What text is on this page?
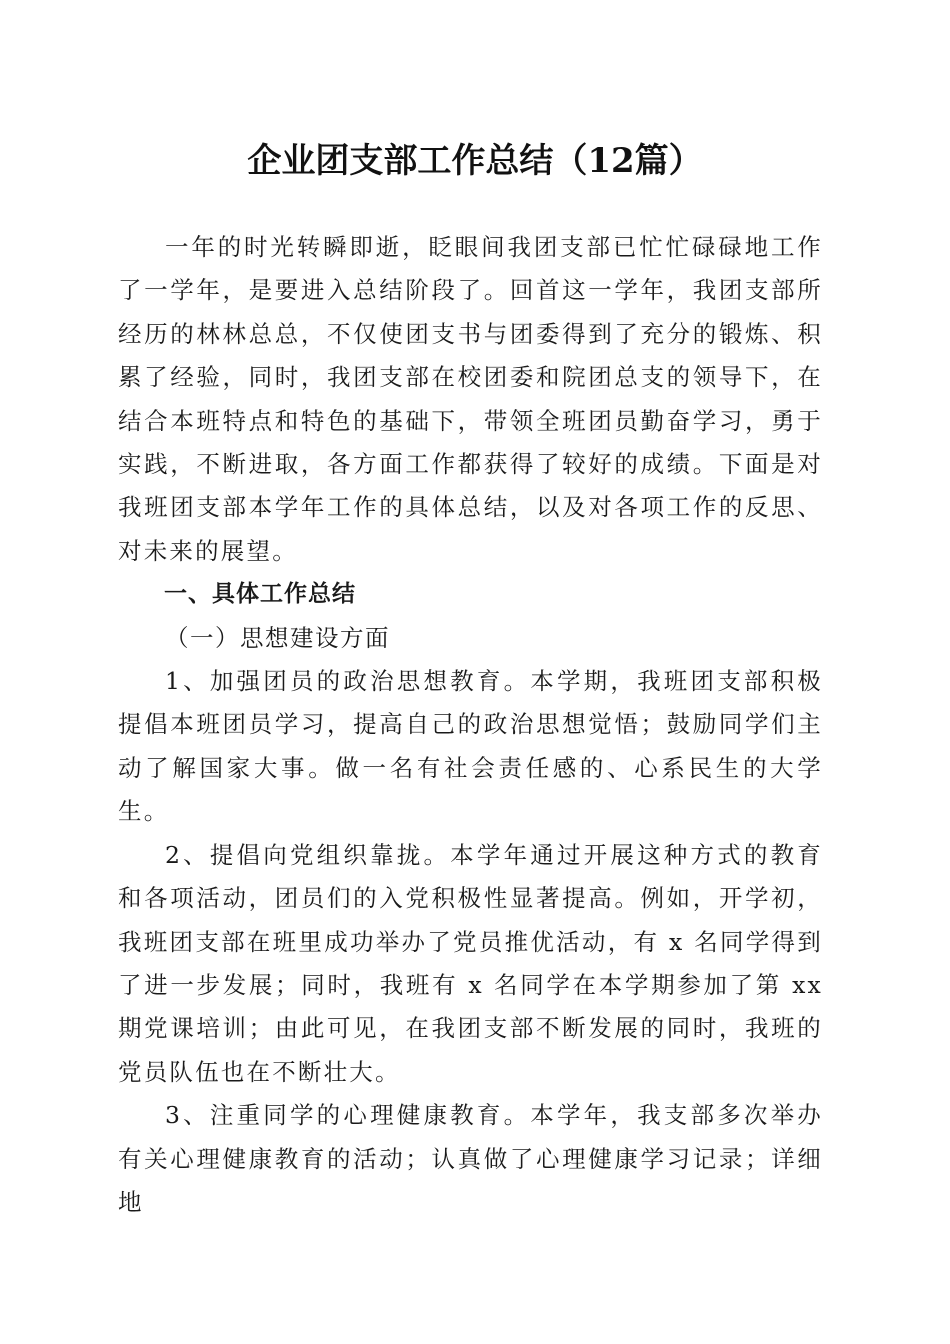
企业团支部工作总结（12篇）

一年的时光转瞬即逝，眨眼间我团支部已忙忙碌碌地工作了一学年，是要进入总结阶段了。回首这一学年，我团支部所经历的林林总总，不仅使团支书与团委得到了充分的锻炼、积累了经验，同时，我团支部在校团委和院团总支的领导下，在结合本班特点和特色的基础下，带领全班团员勤奋学习，勇于实践，不断进取，各方面工作都获得了较好的成绩。下面是对我班团支部本学年工作的具体总结，以及对各项工作的反思、对未来的展望。

一、具体工作总结

（一）思想建设方面

1、加强团员的政治思想教育。本学期，我班团支部积极提倡本班团员学习，提高自己的政治思想觉悟；鼓励同学们主动了解国家大事。做一名有社会责任感的、心系民生的大学生。

2、提倡向党组织靠拢。本学年通过开展这种方式的教育和各项活动，团员们的入党积极性显著提高。例如，开学初，我班团支部在班里成功举办了党员推优活动，有 x 名同学得到了进一步发展；同时，我班有 x 名同学在本学期参加了第 xx 期党课培训；由此可见，在我团支部不断发展的同时，我班的党员队伍也在不断壮大。

3、注重同学的心理健康教育。本学年，我支部多次举办有关心理健康教育的活动；认真做了心理健康学习记录；详细地
